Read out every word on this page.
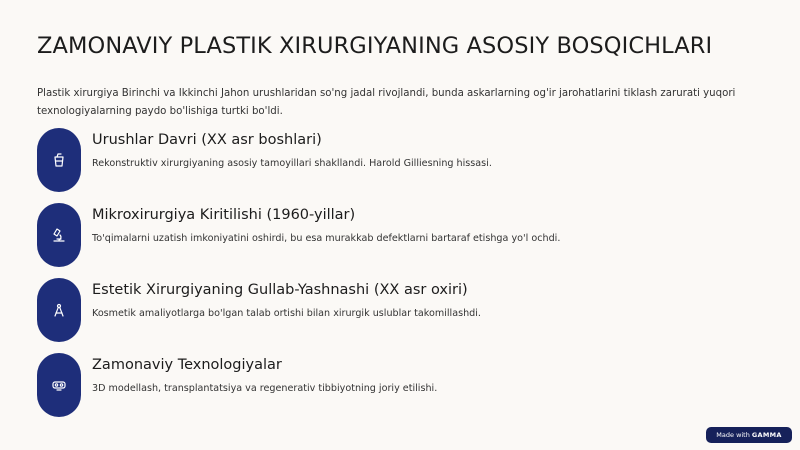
ZAMONAVIY PLASTIK XIRURGIYANING ASOSIY BOSQICHLARI
Plastik xirurgiya Birinchi va Ikkinchi Jahon urushlaridan so'ng jadal rivojlandi, bunda askarlarning og'ir jarohatlarini tiklash zarurati yuqori texnologiyalarning paydo bo'lishiga turtki bo'ldi.
Urushlar Davri (XX asr boshlari)
Rekonstruktiv xirurgiyaning asosiy tamoyillari shakllandi. Harold Gilliesning hissasi.
Mikroxirurgiya Kiritilishi (1960-yillar)
To'qimalarni uzatish imkoniyatini oshirdi, bu esa murakkab defektlarni bartaraf etishga yo'l ochdi.
Estetik Xirurgiyaning Gullab-Yashnashi (XX asr oxiri)
Kosmetik amaliyotlarga bo'lgan talab ortishi bilan xirurgik uslublar takomillashdi.
Zamonaviy Texnologiyalar
3D modellash, transplantatsiya va regenerativ tibbiyotning joriy etilishi.
Made with GAMMA
